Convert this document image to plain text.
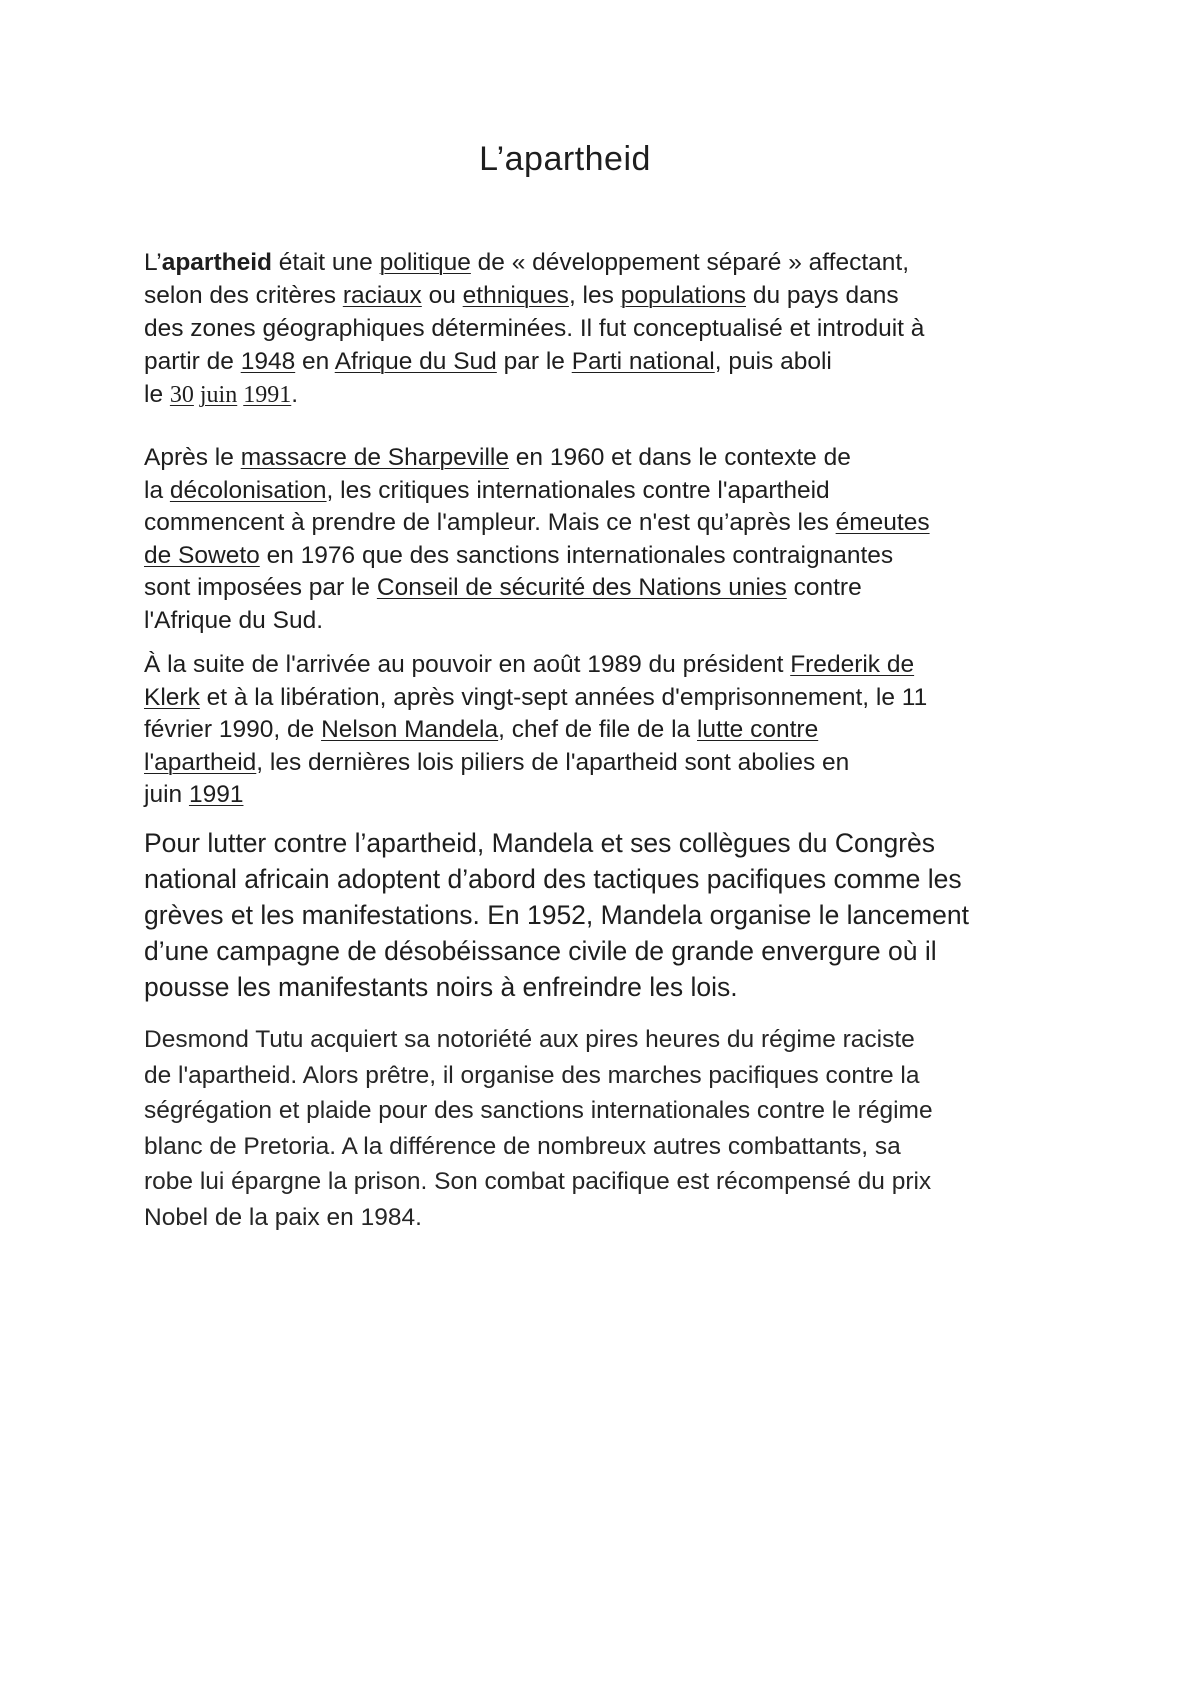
L’apartheid

L’apartheid était une politique de « développement séparé » affectant,
selon des critères raciaux ou ethniques, les populations du pays dans
des zones géographiques déterminées. Il fut conceptualisé et introduit à
partir de 1948 en Afrique du Sud par le Parti national, puis aboli
le 30 juin 1991.

Après le massacre de Sharpeville en 1960 et dans le contexte de
la décolonisation, les critiques internationales contre l'apartheid
commencent à prendre de l'ampleur. Mais ce n'est qu’après les émeutes
de Soweto en 1976 que des sanctions internationales contraignantes
sont imposées par le Conseil de sécurité des Nations unies contre
l'Afrique du Sud.

À la suite de l'arrivée au pouvoir en août 1989 du président Frederik de
Klerk et à la libération, après vingt-sept années d'emprisonnement, le 11
février 1990, de Nelson Mandela, chef de file de la lutte contre
l'apartheid, les dernières lois piliers de l'apartheid sont abolies en
juin 1991

Pour lutter contre l’apartheid, Mandela et ses collègues du Congrès
national africain adoptent d’abord des tactiques pacifiques comme les
grèves et les manifestations. En 1952, Mandela organise le lancement
d’une campagne de désobéissance civile de grande envergure où il
pousse les manifestants noirs à enfreindre les lois.

Desmond Tutu acquiert sa notoriété aux pires heures du régime raciste
de l'apartheid. Alors prêtre, il organise des marches pacifiques contre la
ségrégation et plaide pour des sanctions internationales contre le régime
blanc de Pretoria. A la différence de nombreux autres combattants, sa
robe lui épargne la prison. Son combat pacifique est récompensé du prix
Nobel de la paix en 1984.
